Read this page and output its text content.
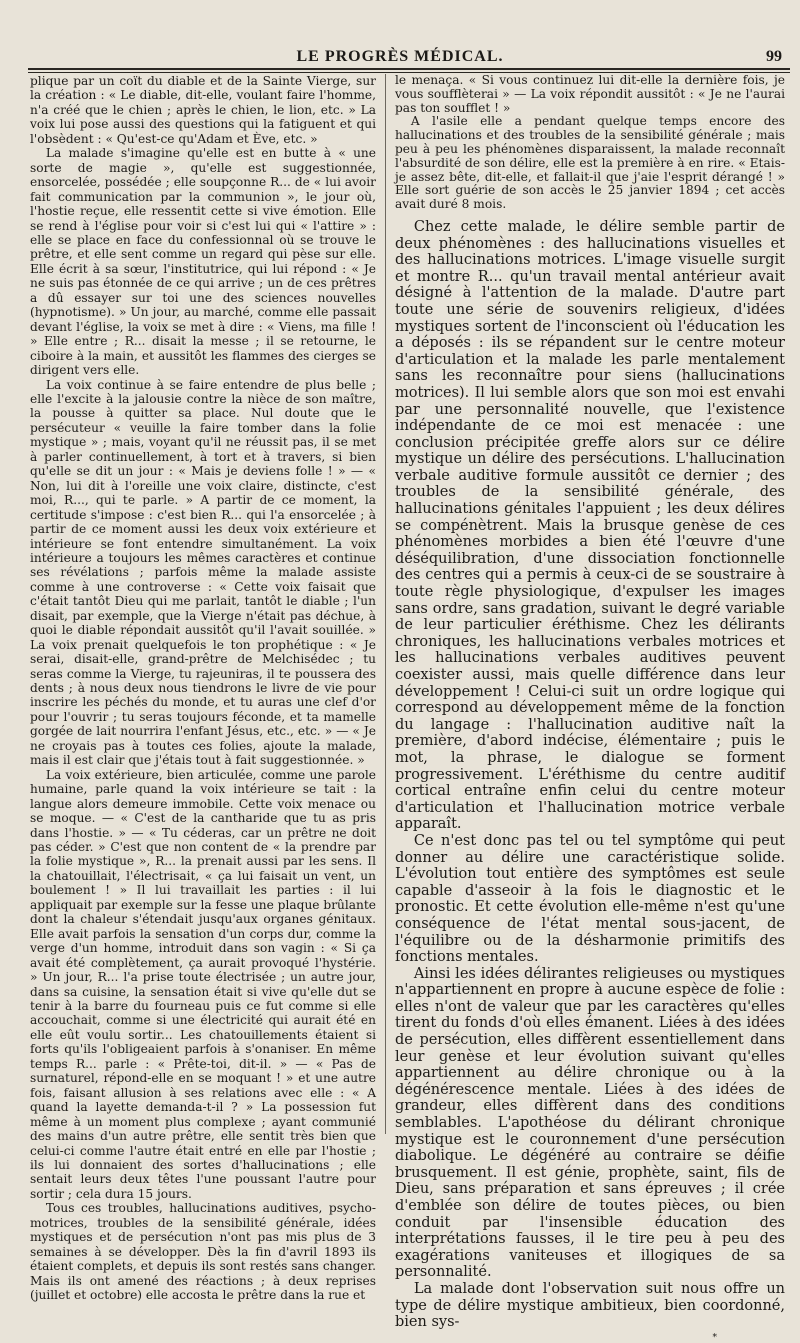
LE PROGRÈS MÉDICAL.	99

plique par un coït du diable et de la Sainte Vierge, sur la création : « Le diable, dit-elle, voulant faire l'homme, n'a créé que le chien ; après le chien, le lion, etc. » La voix lui pose aussi des questions qui la fatiguent et qui l'obsèdent : « Qu'est-ce qu'Adam et Ève, etc. »

La malade s'imagine qu'elle est en butte à « une sorte de magie », qu'elle est suggestionnée, ensorcelée, possédée ; elle soupçonne R... de « lui avoir fait communication par la communion », le jour où, l'hostie reçue, elle ressentit cette si vive émotion. Elle se rend à l'église pour voir si c'est lui qui « l'attire » : elle se place en face du confessionnal où se trouve le prêtre, et elle sent comme un regard qui pèse sur elle. Elle écrit à sa sœur, l'institutrice, qui lui répond : « Je ne suis pas étonnée de ce qui arrive ; un de ces prêtres a dû essayer sur toi une des sciences nouvelles (hypnotisme). » Un jour, au marché, comme elle passait devant l'église, la voix se met à dire : « Viens, ma fille ! » Elle entre ; R... disait la messe ; il se retourne, le ciboire à la main, et aussitôt les flammes des cierges se dirigent vers elle.

La voix continue à se faire entendre de plus belle ; elle l'excite à la jalousie contre la nièce de son maître, la pousse à quitter sa place. Nul doute que le persécuteur « veuille la faire tomber dans la folie mystique » ; mais, voyant qu'il ne réussit pas, il se met à parler continuellement, à tort et à travers, si bien qu'elle se dit un jour : « Mais je deviens folle ! » — « Non, lui dit à l'oreille une voix claire, distincte, c'est moi, R..., qui te parle. » A partir de ce moment, la certitude s'impose : c'est bien R... qui l'a ensorcelée ; à partir de ce moment aussi les deux voix extérieure et intérieure se font entendre simultanément. La voix intérieure a toujours les mêmes caractères et continue ses révélations ; parfois même la malade assiste comme à une controverse : « Cette voix faisait que c'était tantôt Dieu qui me parlait, tantôt le diable ; l'un disait, par exemple, que la Vierge n'était pas déchue, à quoi le diable répondait aussitôt qu'il l'avait souillée. » La voix prenait quelquefois le ton prophétique : « Je serai, disait-elle, grand-prêtre de Melchisédec ; tu seras comme la Vierge, tu rajeuniras, il te poussera des dents ; à nous deux nous tiendrons le livre de vie pour inscrire les péchés du monde, et tu auras une clef d'or pour l'ouvrir ; tu seras toujours féconde, et ta mamelle gorgée de lait nourrira l'enfant Jésus, etc., etc. » — « Je ne croyais pas à toutes ces folies, ajoute la malade, mais il est clair que j'étais tout à fait suggestionnée. »

La voix extérieure, bien articulée, comme une parole humaine, parle quand la voix intérieure se tait : la langue alors demeure immobile. Cette voix menace ou se moque. — « C'est de la cantharide que tu as pris dans l'hostie. » — « Tu céderas, car un prêtre ne doit pas céder. » C'est que non content de « la prendre par la folie mystique », R... la prenait aussi par les sens. Il la chatouillait, l'électrisait, « ça lui faisait un vent, un boulement ! » Il lui travaillait les parties : il lui appliquait par exemple sur la fesse une plaque brûlante dont la chaleur s'étendait jusqu'aux organes génitaux. Elle avait parfois la sensation d'un corps dur, comme la verge d'un homme, introduit dans son vagin : « Si ça avait été complètement, ça aurait provoqué l'hystérie. » Un jour, R... l'a prise toute électrisée ; un autre jour, dans sa cuisine, la sensation était si vive qu'elle dut se tenir à la barre du fourneau puis ce fut comme si elle accouchait, comme si une électricité qui aurait été en elle eût voulu sortir... Les chatouillements étaient si forts qu'ils l'obligeaient parfois à s'onaniser. En même temps R... parle : « Prête-toi, dit-il. » — « Pas de surnaturel, répond-elle en se moquant ! » et une autre fois, faisant allusion à ses relations avec elle : « A quand la layette demanda-t-il ? » La possession fut même à un moment plus complexe ; ayant communié des mains d'un autre prêtre, elle sentit très bien que celui-ci comme l'autre était entré en elle par l'hostie ; ils lui donnaient des sortes d'hallucinations ; elle sentait leurs deux têtes l'une poussant l'autre pour sortir ; cela dura 15 jours.

Tous ces troubles, hallucinations auditives, psycho-motrices, troubles de la sensibilité générale, idées mystiques et de persécution n'ont pas mis plus de 3 semaines à se développer. Dès la fin d'avril 1893 ils étaient complets, et depuis ils sont restés sans changer. Mais ils ont amené des réactions ; à deux reprises (juillet et octobre) elle accosta le prêtre dans la rue et

le menaça. « Si vous continuez lui dit-elle la dernière fois, je vous soufflèterai » — La voix répondit aussitôt : « Je ne l'aurai pas ton soufflet ! »

A l'asile elle a pendant quelque temps encore des hallucinations et des troubles de la sensibilité générale ; mais peu à peu les phénomènes disparaissent, la malade reconnaît l'absurdité de son délire, elle est la première à en rire. « Etais-je assez bête, dit-elle, et fallait-il que j'aie l'esprit dérangé ! » Elle sort guérie de son accès le 25 janvier 1894 ; cet accès avait duré 8 mois.

Chez cette malade, le délire semble partir de deux phénomènes : des hallucinations visuelles et des hallucinations motrices. L'image visuelle surgit et montre R... qu'un travail mental antérieur avait désigné à l'attention de la malade. D'autre part toute une série de souvenirs religieux, d'idées mystiques sortent de l'inconscient où l'éducation les a déposés : ils se répandent sur le centre moteur d'articulation et la malade les parle mentalement sans les reconnaître pour siens (hallucinations motrices). Il lui semble alors que son moi est envahi par une personnalité nouvelle, que l'existence indépendante de ce moi est menacée : une conclusion précipitée greffe alors sur ce délire mystique un délire des persécutions. L'hallucination verbale auditive formule aussitôt ce dernier ; des troubles de la sensibilité générale, des hallucinations génitales l'appuient ; les deux délires se compénètrent. Mais la brusque genèse de ces phénomènes morbides a bien été l'œuvre d'une déséquilibration, d'une dissociation fonctionnelle des centres qui a permis à ceux-ci de se soustraire à toute règle physiologique, d'expulser les images sans ordre, sans gradation, suivant le degré variable de leur particulier éréthisme. Chez les délirants chroniques, les hallucinations verbales motrices et les hallucinations verbales auditives peuvent coexister aussi, mais quelle différence dans leur développement ! Celui-ci suit un ordre logique qui correspond au développement même de la fonction du langage : l'hallucination auditive naît la première, d'abord indécise, élémentaire ; puis le mot, la phrase, le dialogue se forment progressivement. L'éréthisme du centre auditif cortical entraîne enfin celui du centre moteur d'articulation et l'hallucination motrice verbale apparaît.

Ce n'est donc pas tel ou tel symptôme qui peut donner au délire une caractéristique solide. L'évolution tout entière des symptômes est seule capable d'asseoir à la fois le diagnostic et le pronostic. Et cette évolution elle-même n'est qu'une conséquence de l'état mental sous-jacent, de l'équilibre ou de la désharmonie primitifs des fonctions mentales.

Ainsi les idées délirantes religieuses ou mystiques n'appartiennent en propre à aucune espèce de folie : elles n'ont de valeur que par les caractères qu'elles tirent du fonds d'où elles émanent. Liées à des idées de persécution, elles diffèrent essentiellement dans leur genèse et leur évolution suivant qu'elles appartiennent au délire chronique ou à la dégénérescence mentale. Liées à des idées de grandeur, elles diffèrent dans des conditions semblables. L'apothéose du délirant chronique mystique est le couronnement d'une persécution diabolique. Le dégénéré au contraire se déifie brusquement. Il est génie, prophète, saint, fils de Dieu, sans préparation et sans épreuves ; il crée d'emblée son délire de toutes pièces, ou bien conduit par l'insensible éducation des interprétations fausses, il le tire peu à peu des exagérations vaniteuses et illogiques de sa personnalité.

La malade dont l'observation suit nous offre un type de délire mystique ambitieux, bien coordonné, bien sys-

*
